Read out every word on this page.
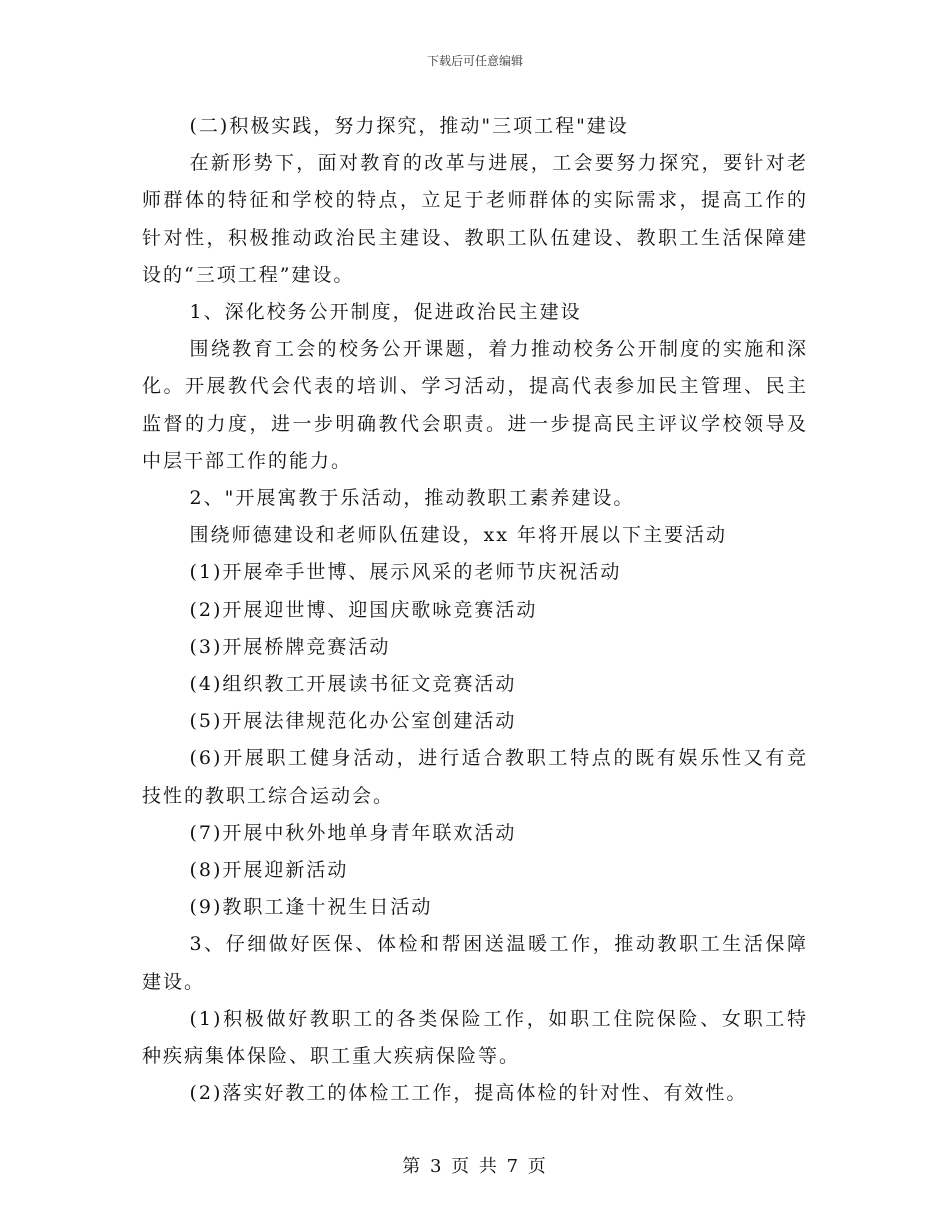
下载后可任意编辑

(二)积极实践，努力探究，推动"三项工程"建设

在新形势下，面对教育的改革与进展，工会要努力探究，要针对老师群体的特征和学校的特点，立足于老师群体的实际需求，提高工作的针对性，积极推动政治民主建设、教职工队伍建设、教职工生活保障建设的“三项工程”建设。

1、深化校务公开制度，促进政治民主建设

围绕教育工会的校务公开课题，着力推动校务公开制度的实施和深化。开展教代会代表的培训、学习活动，提高代表参加民主管理、民主监督的力度，进一步明确教代会职责。进一步提高民主评议学校领导及中层干部工作的能力。

2、"开展寓教于乐活动，推动教职工素养建设。

围绕师德建设和老师队伍建设，xx 年将开展以下主要活动

(1)开展牵手世博、展示风采的老师节庆祝活动

(2)开展迎世博、迎国庆歌咏竞赛活动

(3)开展桥牌竞赛活动

(4)组织教工开展读书征文竞赛活动

(5)开展法律规范化办公室创建活动

(6)开展职工健身活动，进行适合教职工特点的既有娱乐性又有竞技性的教职工综合运动会。

(7)开展中秋外地单身青年联欢活动

(8)开展迎新活动

(9)教职工逢十祝生日活动

3、仔细做好医保、体检和帮困送温暖工作，推动教职工生活保障建设。

(1)积极做好教职工的各类保险工作，如职工住院保险、女职工特种疾病集体保险、职工重大疾病保险等。

(2)落实好教工的体检工工作，提高体检的针对性、有效性。

第 3 页 共 7 页
